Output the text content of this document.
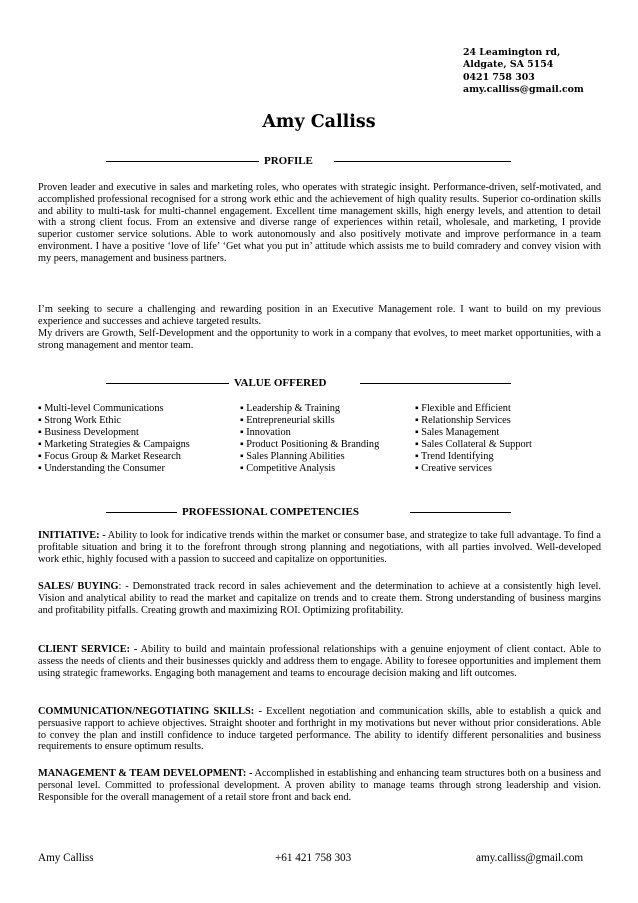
24 Leamington rd,
Aldgate, SA 5154
0421 758 303
amy.calliss@gmail.com
Amy Calliss
PROFILE

Proven leader and executive in sales and marketing roles, who operates with strategic insight. Performance-driven, self-motivated, and accomplished professional recognised for a strong work ethic and the achievement of high quality results. Superior co-ordination skills and ability to multi-task for multi-channel engagement. Excellent time management skills, high energy levels, and attention to detail with a strong client focus. From an extensive and diverse range of experiences within retail, wholesale, and marketing, I provide superior customer service solutions. Able to work autonomously and also positively motivate and improve performance in a team environment. I have a positive ‘love of life’ ‘Get what you put in’ attitude which assists me to build comradery and convey vision with my peers, management and business partners.

I’m seeking to secure a challenging and rewarding position in an Executive Management role. I want to build on my previous experience and successes and achieve targeted results.

My drivers are Growth, Self-Development and the opportunity to work in a company that evolves, to meet market opportunities, with a strong management and mentor team.

VALUE OFFERED
▪ Multi-level Communications
▪ Strong Work Ethic
▪ Business Development
▪ Marketing Strategies & Campaigns
▪ Focus Group & Market Research
▪ Understanding the Consumer
▪ Leadership & Training
▪ Entrepreneurial skills
▪ Innovation
▪ Product Positioning & Branding
▪ Sales Planning Abilities
▪ Competitive Analysis
▪ Flexible and Efficient
▪ Relationship Services
▪ Sales Management
▪ Sales Collateral & Support
▪ Trend Identifying
▪ Creative services
PROFESSIONAL COMPETENCIES

INITIATIVE: - Ability to look for indicative trends within the market or consumer base, and strategize to take full advantage. To find a profitable situation and bring it to the forefront through strong planning and negotiations, with all parties involved. Well-developed work ethic, highly focused with a passion to succeed and capitalize on opportunities.

SALES/ BUYING: - Demonstrated track record in sales achievement and the determination to achieve at a consistently high level. Vision and analytical ability to read the market and capitalize on trends and to create them. Strong understanding of business margins and profitability pitfalls. Creating growth and maximizing ROI. Optimizing profitability.

CLIENT SERVICE: - Ability to build and maintain professional relationships with a genuine enjoyment of client contact. Able to assess the needs of clients and their businesses quickly and address them to engage. Ability to foresee opportunities and implement them using strategic frameworks. Engaging both management and teams to encourage decision making and lift outcomes.

COMMUNICATION/NEGOTIATING SKILLS: - Excellent negotiation and communication skills, able to establish a quick and persuasive rapport to achieve objectives. Straight shooter and forthright in my motivations but never without prior considerations. Able to convey the plan and instill confidence to induce targeted performance. The ability to identify different personalities and business requirements to ensure optimum results.

MANAGEMENT & TEAM DEVELOPMENT: - Accomplished in establishing and enhancing team structures both on a business and personal level. Committed to professional development. A proven ability to manage teams through strong leadership and vision. Responsible for the overall management of a retail store front and back end.

Amy Calliss	+61 421 758 303	amy.calliss@gmail.com
